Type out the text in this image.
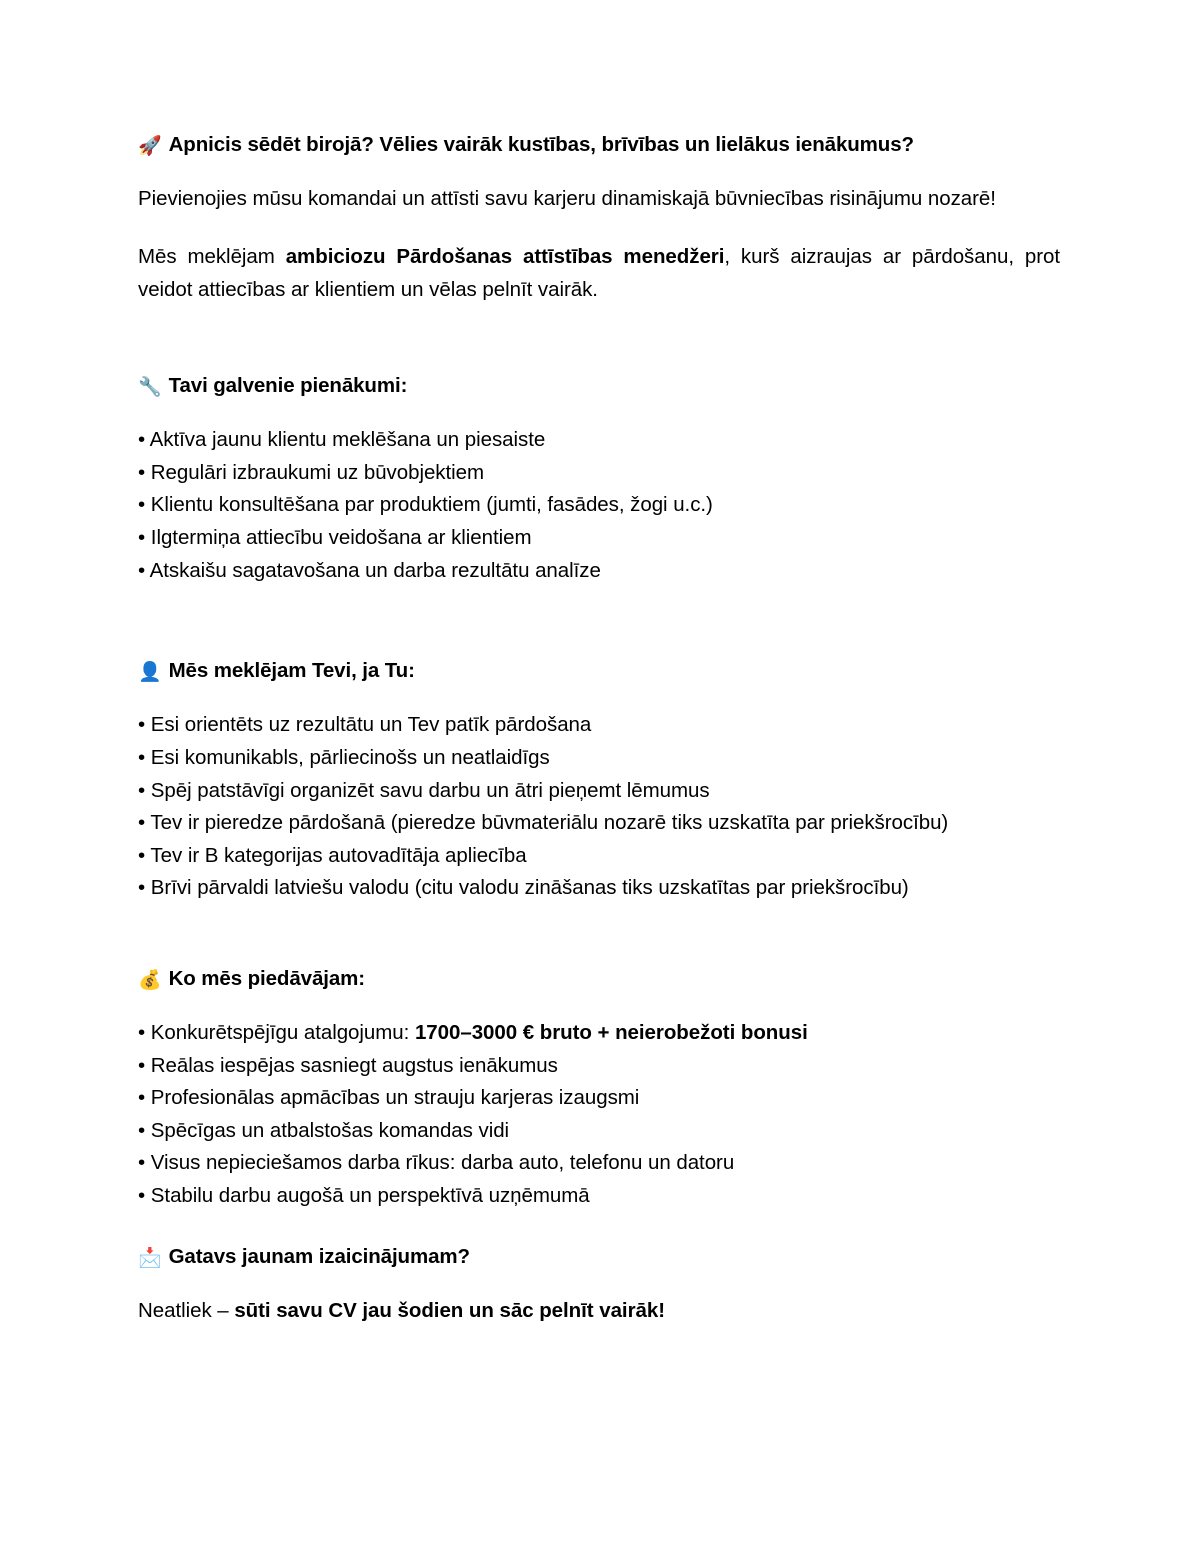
🚀 Apnicis sēdēt birojā? Vēlies vairāk kustības, brīvības un lielākus ienākumus?

Pievienojies mūsu komandai un attīsti savu karjeru dinamiskajā būvniecības risinājumu nozarē!

Mēs meklējam ambiciozu Pārdošanas attīstības menedžeri, kurš aizraujas ar pārdošanu, prot veidot attiecības ar klientiem un vēlas pelnīt vairāk.

🔧 Tavi galvenie pienākumi:

• Aktīva jaunu klientu meklēšana un piesaiste

• Regulāri izbraukumi uz būvobjektiem

• Klientu konsultēšana par produktiem (jumti, fasādes, žogi u.c.)

• Ilgtermiņa attiecību veidošana ar klientiem

• Atskaišu sagatavošana un darba rezultātu analīze

👤 Mēs meklējam Tevi, ja Tu:

• Esi orientēts uz rezultātu un Tev patīk pārdošana

• Esi komunikabls, pārliecinošs un neatlaidīgs

• Spēj patstāvīgi organizēt savu darbu un ātri pieņemt lēmumus

• Tev ir pieredze pārdošanā (pieredze būvmateriālu nozarē tiks uzskatīta par priekšrocību)

• Tev ir B kategorijas autovadītāja apliecība

• Brīvi pārvaldi latviešu valodu (citu valodu zināšanas tiks uzskatītas par priekšrocību)

💰 Ko mēs piedāvājam:

• Konkurētspējīgu atalgojumu: 1700–3000 € bruto + neierobežoti bonusi

• Reālas iespējas sasniegt augstus ienākumus

• Profesionālas apmācības un strauju karjeras izaugsmi

• Spēcīgas un atbalstošas komandas vidi

• Visus nepieciešamos darba rīkus: darba auto, telefonu un datoru

• Stabilu darbu augošā un perspektīvā uzņēmumā

📩 Gatavs jaunam izaicinājumam?

Neatliek – sūti savu CV jau šodien un sāc pelnīt vairāk!
